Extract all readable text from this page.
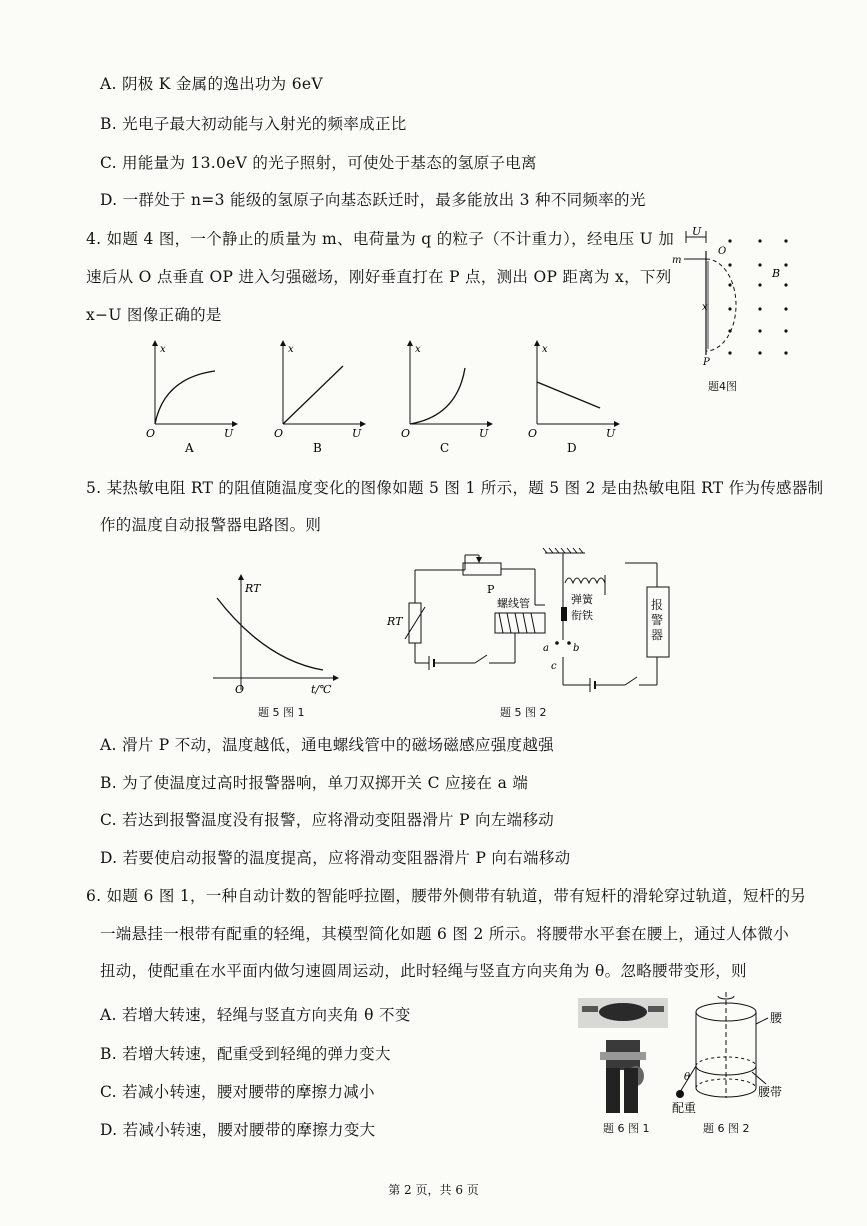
A. 阴极 K 金属的逸出功为 6eV
B. 光电子最大初动能与入射光的频率成正比
C. 用能量为 13.0eV 的光子照射，可使处于基态的氢原子电离
D. 一群处于 n=3 能级的氢原子向基态跃迁时，最多能放出 3 种不同频率的光
4. 如题 4 图，一个静止的质量为 m、电荷量为 q 的粒子（不计重力），经电压 U 加
速后从 O 点垂直 OP 进入匀强磁场，刚好垂直打在 P 点，测出 OP 距离为 x，下列
x−U 图像正确的是
U
O
m
x
P
B
题4图
x
O	U
A
x
O	U
B
x
O	U
C
x
O	U
D
5. 某热敏电阻 RT 的阻值随温度变化的图像如题 5 图 1 所示，题 5 图 2 是由热敏电阻 RT 作为传感器制
作的温度自动报警器电路图。则
RT
O	t/℃
题 5 图 1
P
RT
螺线管	弹簧
衔铁
a b
c
报警器
题 5 图 2
A. 滑片 P 不动，温度越低，通电螺线管中的磁场磁感应强度越强
B. 为了使温度过高时报警器响，单刀双掷开关 C 应接在 a 端
C. 若达到报警温度没有报警，应将滑动变阻器滑片 P 向左端移动
D. 若要使启动报警的温度提高，应将滑动变阻器滑片 P 向右端移动
6. 如题 6 图 1，一种自动计数的智能呼拉圈，腰带外侧带有轨道，带有短杆的滑轮穿过轨道，短杆的另
一端悬挂一根带有配重的轻绳，其模型简化如题 6 图 2 所示。将腰带水平套在腰上，通过人体微小
扭动，使配重在水平面内做匀速圆周运动，此时轻绳与竖直方向夹角为 θ。忽略腰带变形，则
A. 若增大转速，轻绳与竖直方向夹角 θ 不变
B. 若增大转速，配重受到轻绳的弹力变大
C. 若减小转速，腰对腰带的摩擦力减小
D. 若减小转速，腰对腰带的摩擦力变大	题 6 图 1
θ
腰
腰带
配重
题 6 图 2
第 2 页，共 6 页
